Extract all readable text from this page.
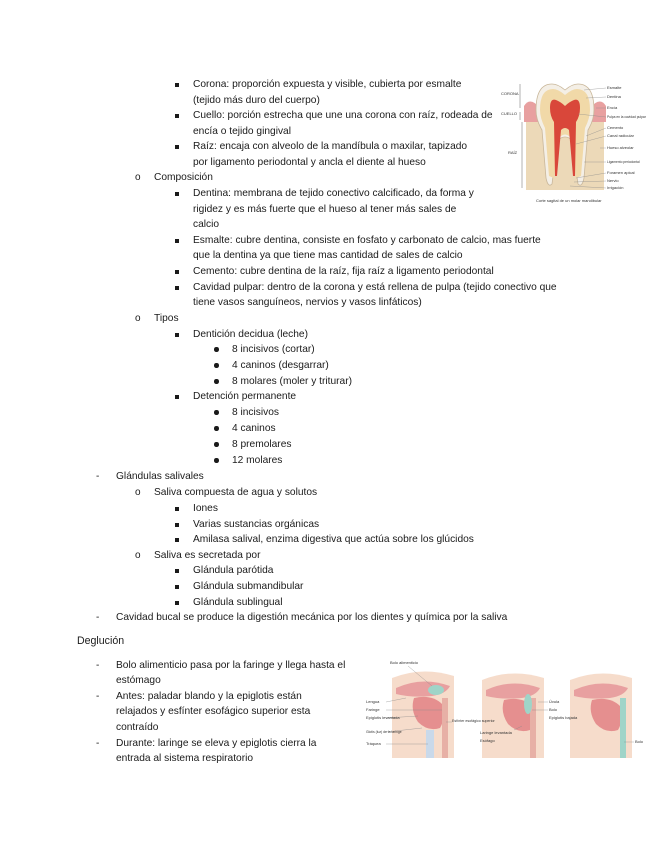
Corona: proporción expuesta y visible, cubierta por esmalte
(tejido más duro del cuerpo)
Cuello: porción estrecha que une una corona con raíz, rodeada de
encía o tejido gingival
Raíz: encaja con alveolo de la mandíbula o maxilar, tapizado
por ligamento periodontal y ancla el diente al hueso
o Composición
Dentina: membrana de tejido conectivo calcificado, da forma y
rigidez y es más fuerte que el hueso al tener más sales de
calcio
Esmalte: cubre dentina, consiste en fosfato y carbonato de calcio, mas fuerte
que la dentina ya que tiene mas cantidad de sales de calcio
Cemento: cubre dentina de la raíz, fija raíz a ligamento periodontal
Cavidad pulpar: dentro de la corona y está rellena de pulpa (tejido conectivo que
tiene vasos sanguíneos, nervios y vasos linfáticos)
o Tipos
Dentición decidua (leche)
8 incisivos (cortar)
4 caninos (desgarrar)
8 molares (moler y triturar)
Detención permanente
8 incisivos
4 caninos
8 premolares
12 molares
- Glándulas salivales
o Saliva compuesta de agua y solutos
Iones
Varias sustancias orgánicas
Amilasa salival, enzima digestiva que actúa sobre los glúcidos
o Saliva es secretada por
Glándula parótida
Glándula submandibular
Glándula sublingual
- Cavidad bucal se produce la digestión mecánica por los dientes y química por la saliva
Deglución
- Bolo alimenticio pasa por la faringe y llega hasta el
estómago
- Antes: paladar blando y la epiglotis están
relajados y esfínter esofágico superior esta
contraído
- Durante: laringe se eleva y epiglotis cierra la
entrada al sistema respiratorio
CORONA
CUELLO
RAÍZ
Esmalte
Dentina
Encía
Pulpa en la cavidad pulpar
Cemento
Canal radicular
Hueso alveolar
Ligamento periodontal
Foramen apical
Nervio
Irrigación
Corte sagital de un molar mandibular
Bolo alimenticio
Lengua
Faringe
Epiglotis levantada
Glotis (luz) de la laringe
Tráquea
Esfínter esofágico superior
Laringe levantada
Esófago
Úvula
Bolo
Epiglotis bajada
Bolo
